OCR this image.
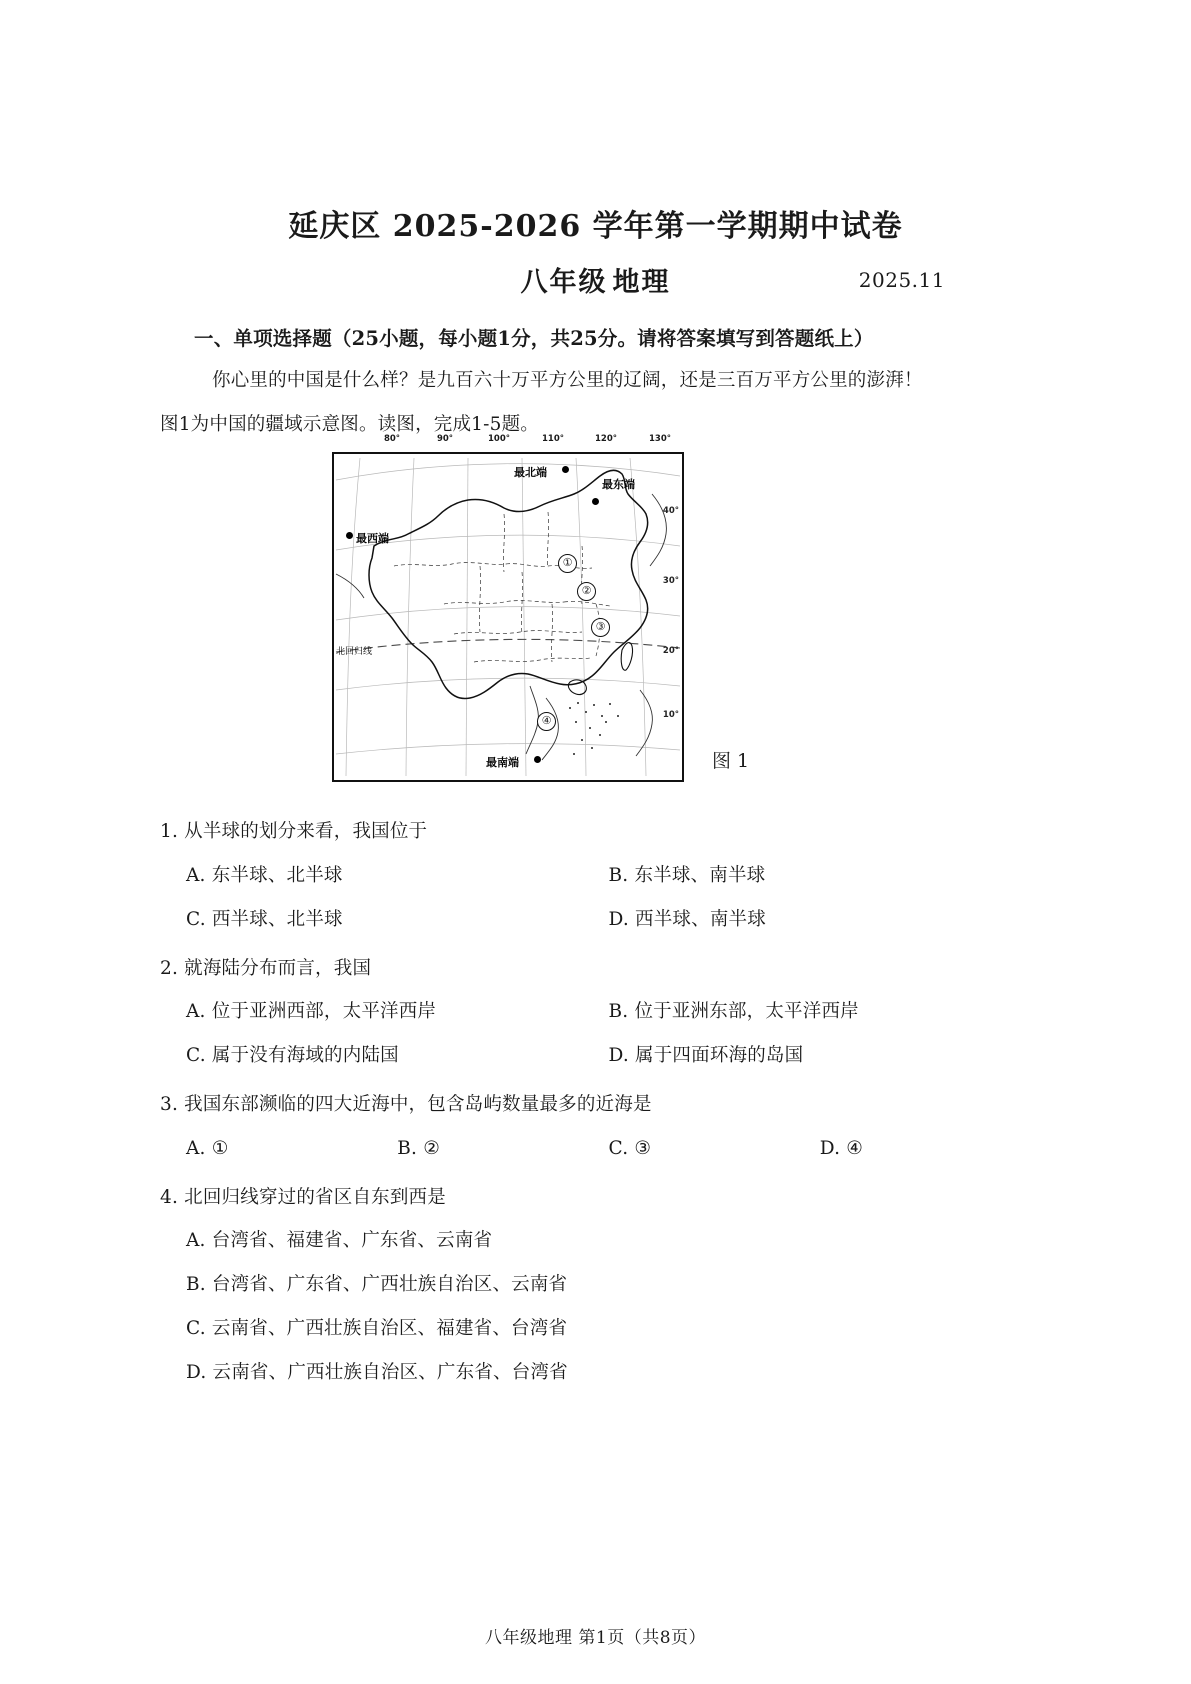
延庆区 2025-2026 学年第一学期期中试卷
八年级 地理	2025.11
一、单项选择题（25小题，每小题1分，共25分。请将答案填写到答题纸上）
你心里的中国是什么样？是九百六十万平方公里的辽阔，还是三百万平方公里的澎湃！
图1为中国的疆域示意图。读图，完成1-5题。
80°	90°	100°	110°	120°	130°
40°
30°
20°
10°
最北端
最东端
最西端
最南端
北回归线
①
②
③
④
图 1
1. 从半球的划分来看，我国位于
A. 东半球、北半球	B. 东半球、南半球
C. 西半球、北半球	D. 西半球、南半球
2. 就海陆分布而言，我国
A. 位于亚洲西部，太平洋西岸	B. 位于亚洲东部，太平洋西岸
C. 属于没有海域的内陆国	D. 属于四面环海的岛国
3. 我国东部濒临的四大近海中，包含岛屿数量最多的近海是
A. ①	B. ②	C. ③	D. ④
4. 北回归线穿过的省区自东到西是
A. 台湾省、福建省、广东省、云南省
B. 台湾省、广东省、广西壮族自治区、云南省
C. 云南省、广西壮族自治区、福建省、台湾省
D. 云南省、广西壮族自治区、广东省、台湾省
八年级地理 第1页（共8页）
